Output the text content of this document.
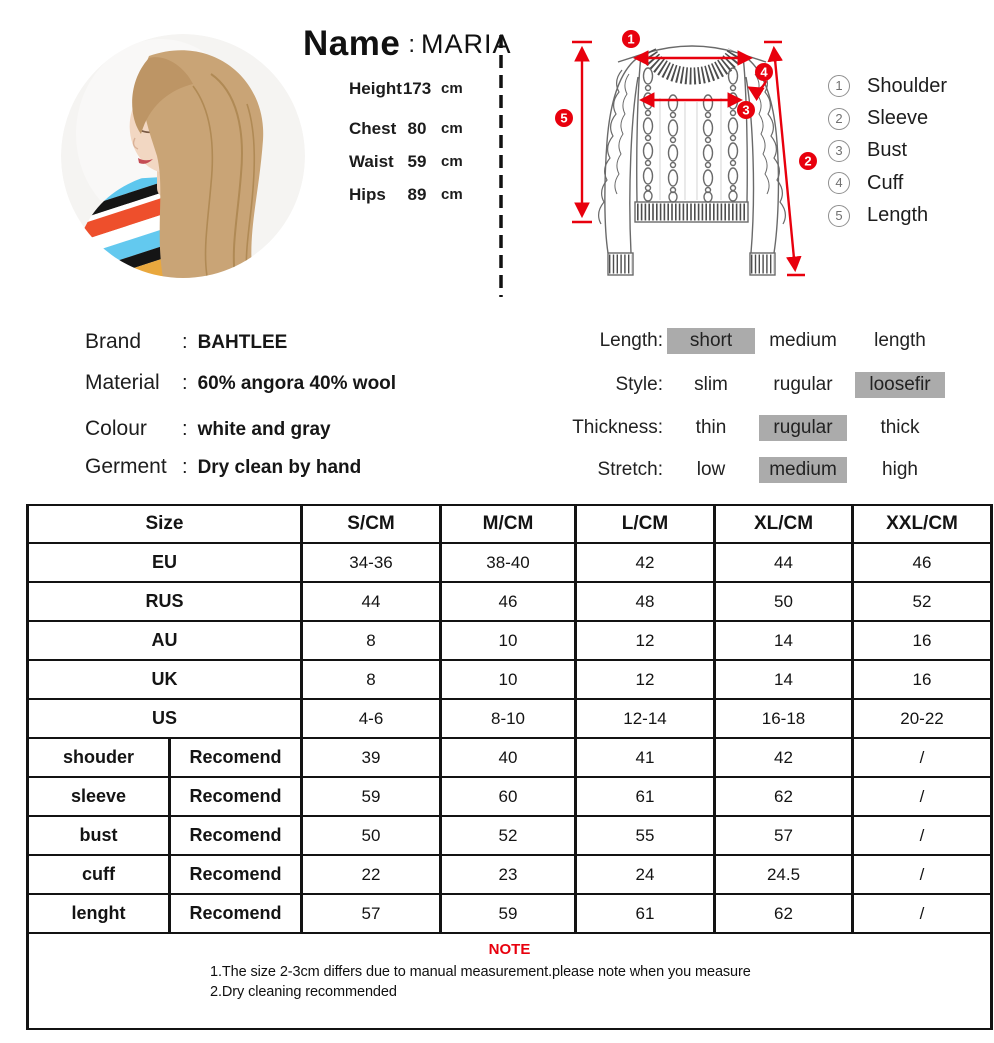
Name : MARIA
Height 173 cm
Chest 80 cm
Waist 59 cm
Hips	89 cm
1
2
3
4
5
1	Shoulder
2	Sleeve
3	Bust
4	Cuff
5	Length
Brand	: BAHTLEE
Material	: 60% angora 40% wool
Colour	: white and gray
Germent : Dry clean by hand
Length:	short	medium	length
Style:	slim	rugular	loosefir
Thickness:	thin	rugular	thick
Stretch:	low	medium	high
Size		S/CM	M/CM	L/CM	XL/CM	XXL/CM
EU		34-36	38-40	42	44	46
RUS		44	46	48	50	52
AU		8	10	12	14	16
UK		8	10	12	14	16
US		4-6	8-10	12-14	16-18	20-22
shouder	Recomend	39	40	41	42	/
sleeve	Recomend	59	60	61	62	/
bust	Recomend	50	52	55	57	/
cuff	Recomend	22	23	24	24.5	/
lenght	Recomend	57	59	61	62	/

NOTE
1.The size 2-3cm differs due to manual measurement.please note when you measure
2.Dry cleaning recommended						
